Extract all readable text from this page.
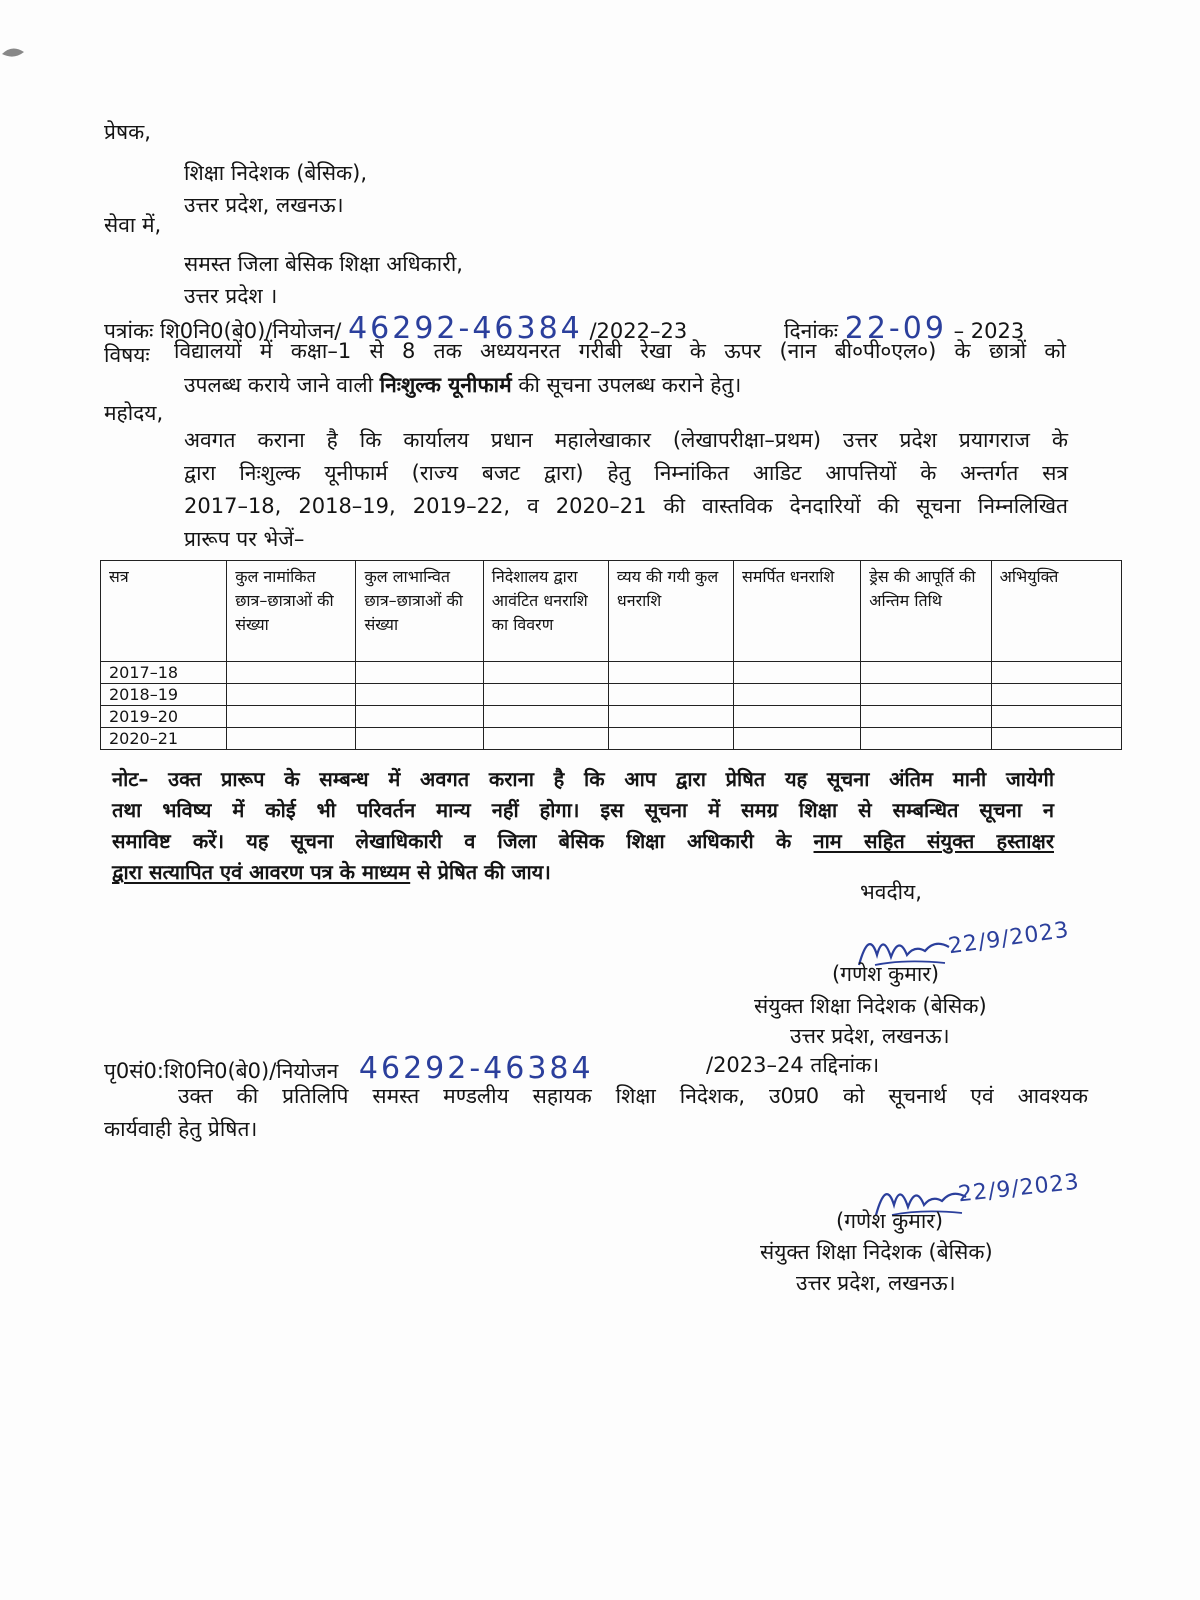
प्रेषक,
शिक्षा निदेशक (बेसिक),
उत्तर प्रदेश, लखनऊ।
सेवा में,
समस्त जिला बेसिक शिक्षा अधिकारी,
उत्तर प्रदेश ।
पत्रांकः शि0नि0(बे0)/नियोजन/ 46292-46384 /2022–23	दिनांकः 22-09 – 2023
विषयः विद्यालयों में कक्षा–1 से 8 तक अध्ययनरत गरीबी रेखा के ऊपर (नान बी०पी०एल०) के छात्रों को
उपलब्ध कराये जाने वाली निःशुल्क यूनीफार्म की सूचना उपलब्ध कराने हेतु।
महोदय,
अवगत कराना है कि कार्यालय प्रधान महालेखाकार (लेखापरीक्षा–प्रथम) उत्तर प्रदेश प्रयागराज के
द्वारा निःशुल्क यूनीफार्म (राज्य बजट द्वारा) हेतु निम्नांकित आडिट आपत्तियों के अन्तर्गत सत्र
2017–18, 2018–19, 2019–22, व 2020–21 की वास्तविक देनदारियों की सूचना निम्नलिखित
प्रारूप पर भेजें–
सत्र	कुल नामांकित छात्र–छात्राओं की संख्या	कुल लाभान्वित छात्र–छात्राओं की संख्या	निदेशालय द्वारा आवंटित धनराशि का विवरण	व्यय की गयी कुल धनराशि	समर्पित धनराशि	ड्रेस की आपूर्ति की अन्तिम तिथि	अभियुक्ति
2017–18							
2018–19							
2019–20							
2020–21							
नोट– उक्त प्रारूप के सम्बन्ध में अवगत कराना है कि आप द्वारा प्रेषित यह सूचना अंतिम मानी जायेगी
तथा भविष्य में कोई भी परिवर्तन मान्य नहीं होगा। इस सूचना में समग्र शिक्षा से सम्बन्धित सूचना न
समाविष्ट करें। यह सूचना लेखाधिकारी व जिला बेसिक शिक्षा अधिकारी के नाम सहित संयुक्त हस्ताक्षर
द्वारा सत्यापित एवं आवरण पत्र के माध्यम से प्रेषित की जाय।
भवदीय,
22/9/2023
(गणेश कुमार)
संयुक्त शिक्षा निदेशक (बेसिक)
उत्तर प्रदेश, लखनऊ।
पृ0सं0:शि0नि0(बे0)/नियोजन 46292-46384	/2023–24 तद्दिनांक।
उक्त की प्रतिलिपि समस्त मण्डलीय सहायक शिक्षा निदेशक, उ0प्र0 को सूचनार्थ एवं आवश्यक
कार्यवाही हेतु प्रेषित।
22/9/2023
(गणेश कुमार)
संयुक्त शिक्षा निदेशक (बेसिक)
उत्तर प्रदेश, लखनऊ।
